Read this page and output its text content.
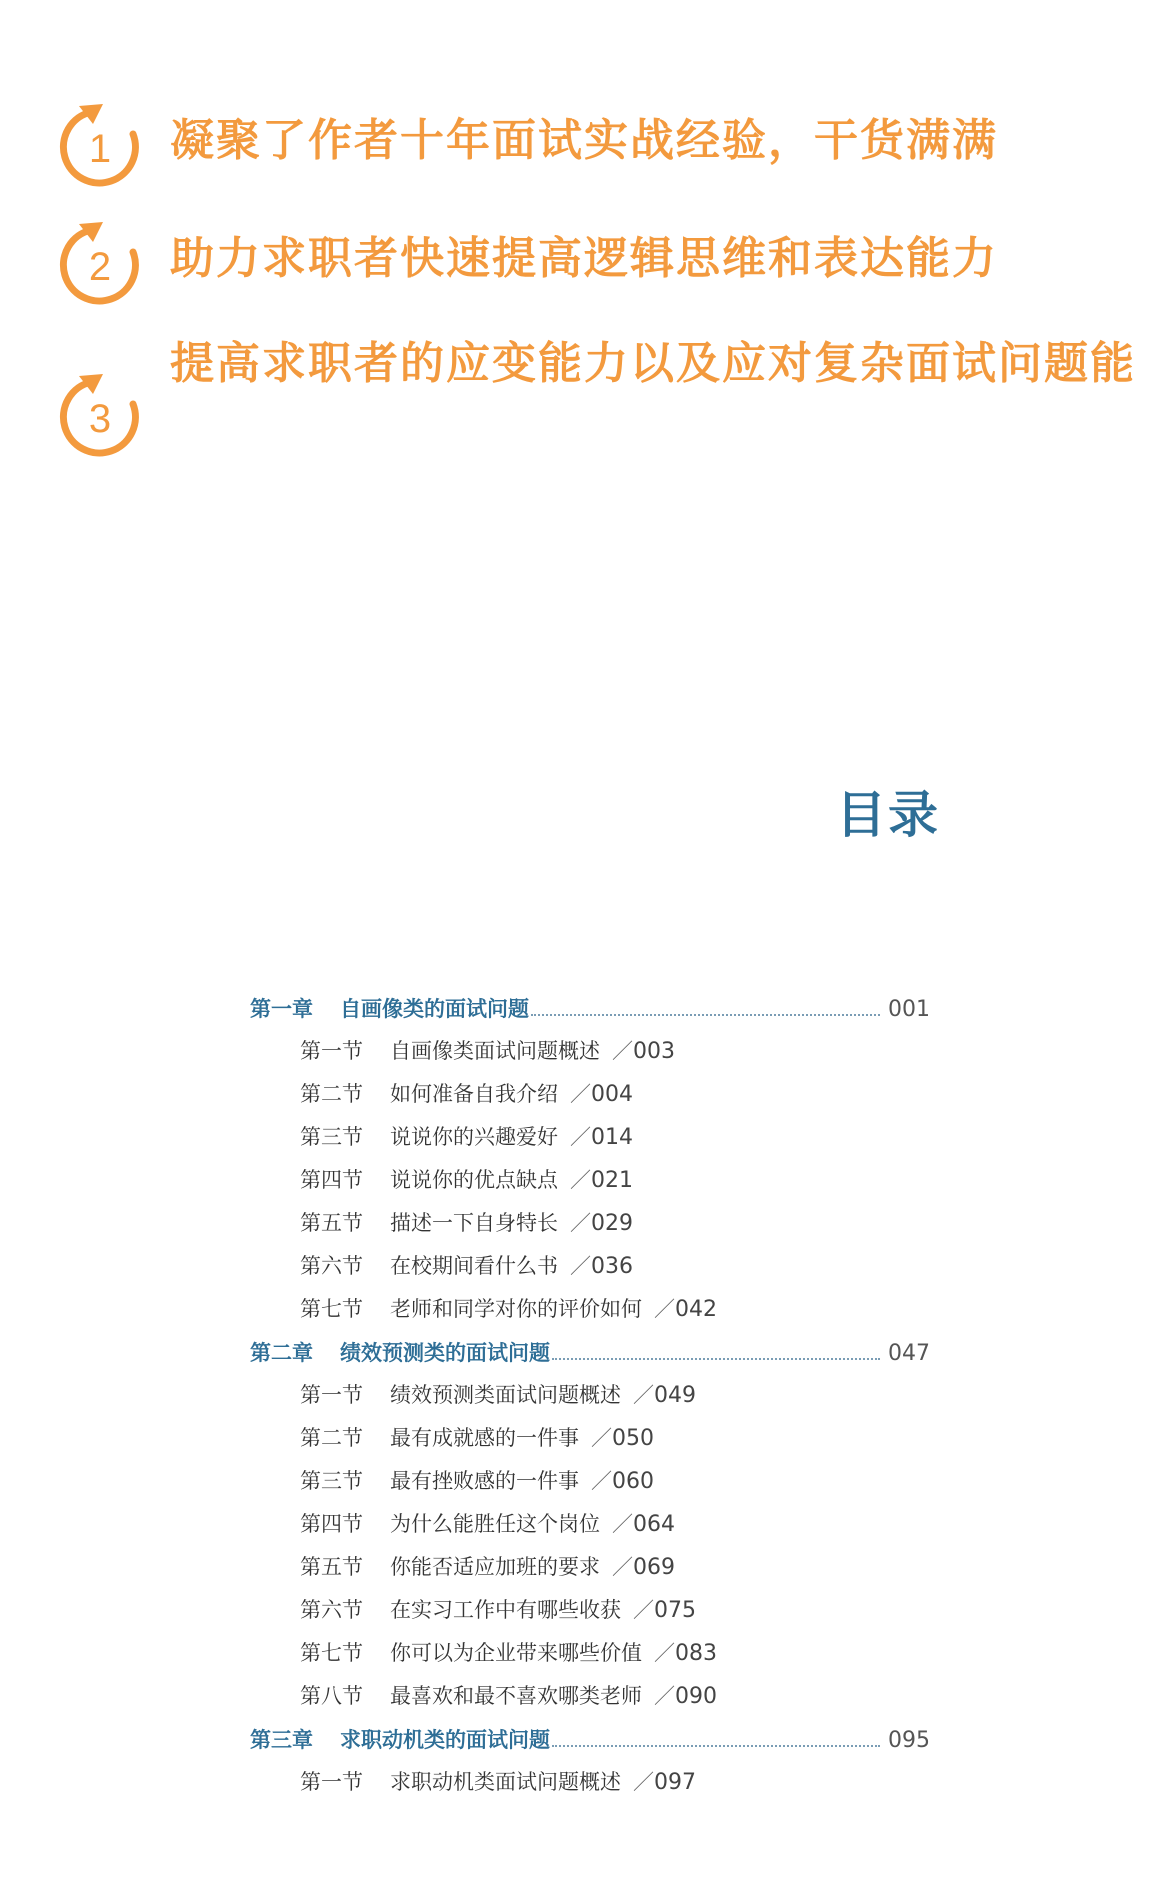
1 凝聚了作者十年面试实战经验，干货满满
2 助力求职者快速提高逻辑思维和表达能力
3
提高求职者的应变能力以及应对复杂面试问题能
目录
第一章	自画像类的面试问题	001
第一节 自画像类面试问题概述 ／003
第二节 如何准备自我介绍 ／004
第三节 说说你的兴趣爱好 ／014
第四节 说说你的优点缺点 ／021
第五节 描述一下自身特长 ／029
第六节 在校期间看什么书 ／036
第七节 老师和同学对你的评价如何 ／042
第二章	绩效预测类的面试问题	047
第一节 绩效预测类面试问题概述 ／049
第二节 最有成就感的一件事 ／050
第三节 最有挫败感的一件事 ／060
第四节 为什么能胜任这个岗位 ／064
第五节 你能否适应加班的要求 ／069
第六节 在实习工作中有哪些收获 ／075
第七节 你可以为企业带来哪些价值 ／083
第八节 最喜欢和最不喜欢哪类老师 ／090
第三章	求职动机类的面试问题	095
第一节 求职动机类面试问题概述 ／097
